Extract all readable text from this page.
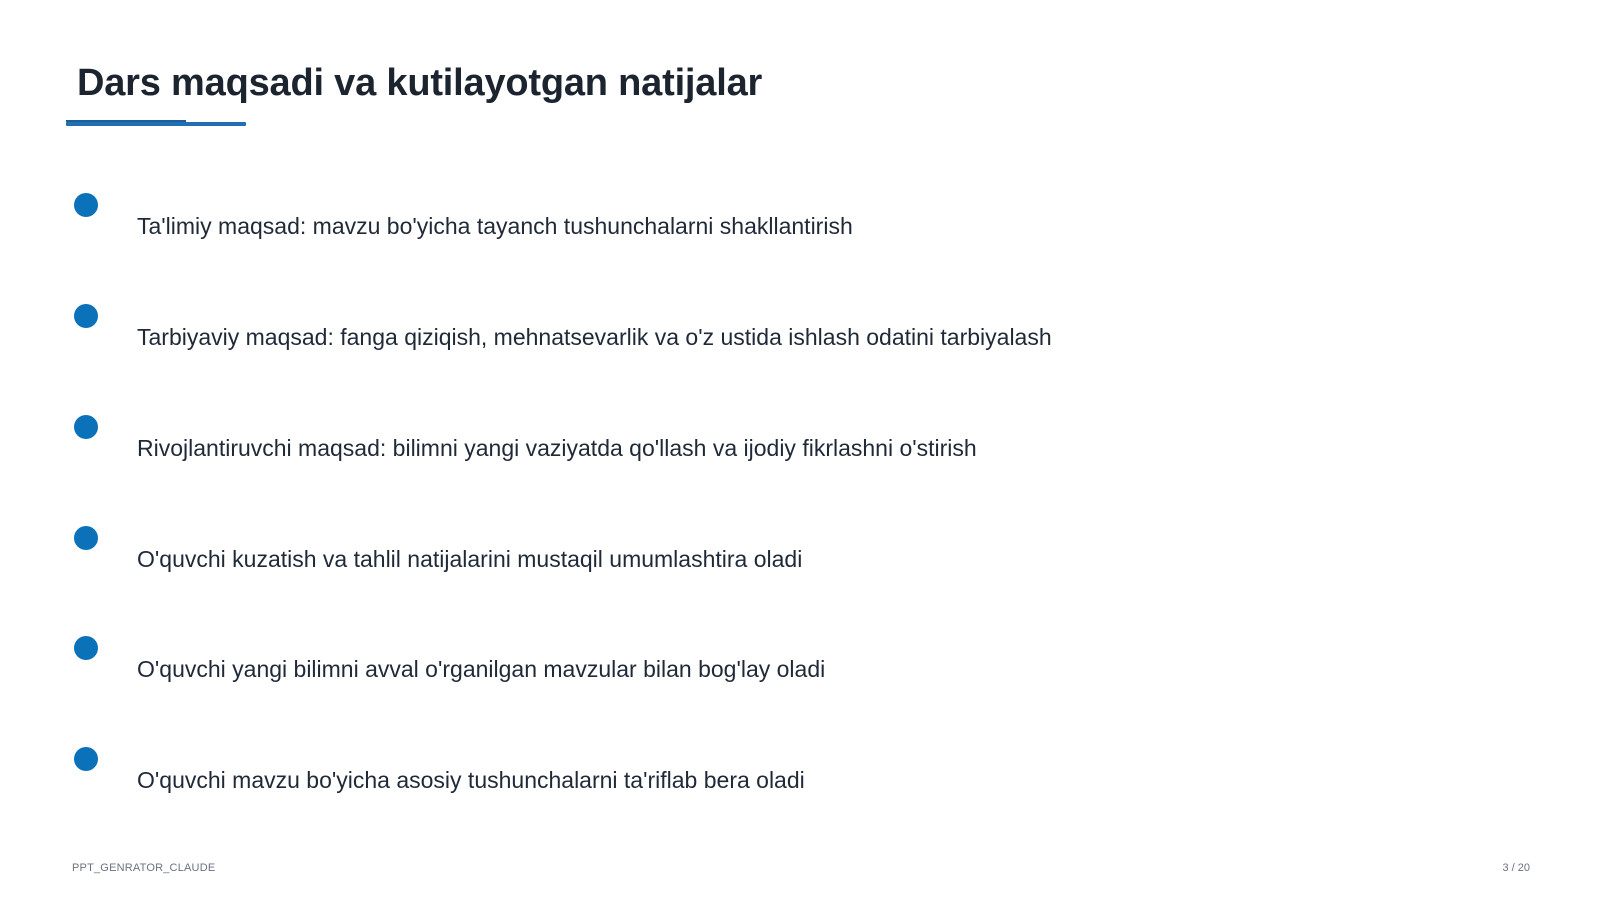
Dars maqsadi va kutilayotgan natijalar
Ta'limiy maqsad: mavzu bo'yicha tayanch tushunchalarni shakllantirish
Tarbiyaviy maqsad: fanga qiziqish, mehnatsevarlik va o'z ustida ishlash odatini tarbiyalash
Rivojlantiruvchi maqsad: bilimni yangi vaziyatda qo'llash va ijodiy fikrlashni o'stirish
O'quvchi kuzatish va tahlil natijalarini mustaqil umumlashtira oladi
O'quvchi yangi bilimni avval o'rganilgan mavzular bilan bog'lay oladi
O'quvchi mavzu bo'yicha asosiy tushunchalarni ta'riflab bera oladi
PPT_GENRATOR_CLAUDE	3 / 20
